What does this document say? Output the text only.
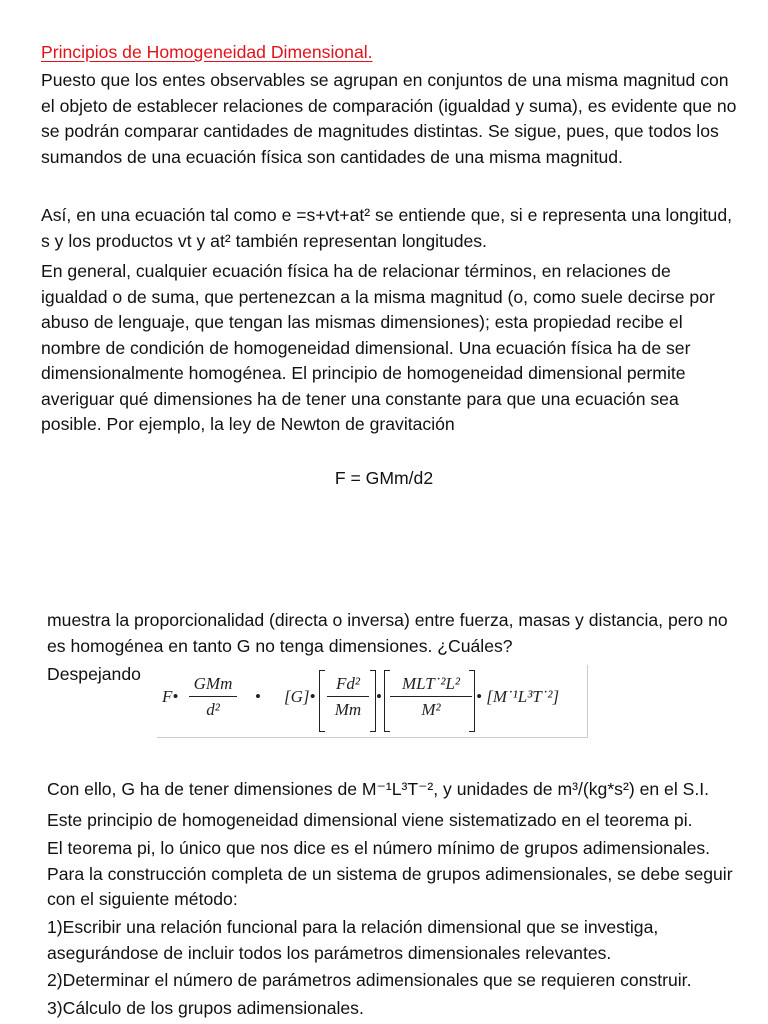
Principios de Homogeneidad Dimensional.

Puesto que los entes observables se agrupan en conjuntos de una misma magnitud con el objeto de establecer relaciones de comparación (igualdad y suma), es evidente que no se podrán comparar cantidades de magnitudes distintas. Se sigue, pues, que todos los sumandos de una ecuación física son cantidades de una misma magnitud.

Así, en una ecuación tal como e =s+vt+at² se entiende que, si e representa una longitud, s y los productos vt y at² también representan longitudes.

En general, cualquier ecuación física ha de relacionar términos, en relaciones de igualdad o de suma, que pertenezcan a la misma magnitud (o, como suele decirse por abuso de lenguaje, que tengan las mismas dimensiones); esta propiedad recibe el nombre de condición de homogeneidad dimensional. Una ecuación física ha de ser dimensionalmente homogénea. El principio de homogeneidad dimensional permite averiguar qué dimensiones ha de tener una constante para que una ecuación sea posible. Por ejemplo, la ley de Newton de gravitación

F = GMm/d2

muestra la proporcionalidad (directa o inversa) entre fuerza, masas y distancia, pero no es homogénea en tanto G no tenga dimensiones. ¿Cuáles?

Despejando

F•
GMm
d²
• [G]• $\frac{\text{Fd²}}{Mm}$ •
MLT˙²L²
M²
• [M˙¹L³T˙²]

Con ello, G ha de tener dimensiones de M⁻¹L³T⁻², y unidades de m³/(kg*s²) en el S.I.

Este principio de homogeneidad dimensional viene sistematizado en el teorema pi.

El teorema pi, lo único que nos dice es el número mínimo de grupos adimensionales. Para la construcción completa de un sistema de grupos adimensionales, se debe seguir con el siguiente método:

1)Escribir una relación funcional para la relación dimensional que se investiga, asegurándose de incluir todos los parámetros dimensionales relevantes.

2)Determinar el número de parámetros adimensionales que se requieren construir.

3)Cálculo de los grupos adimensionales.
